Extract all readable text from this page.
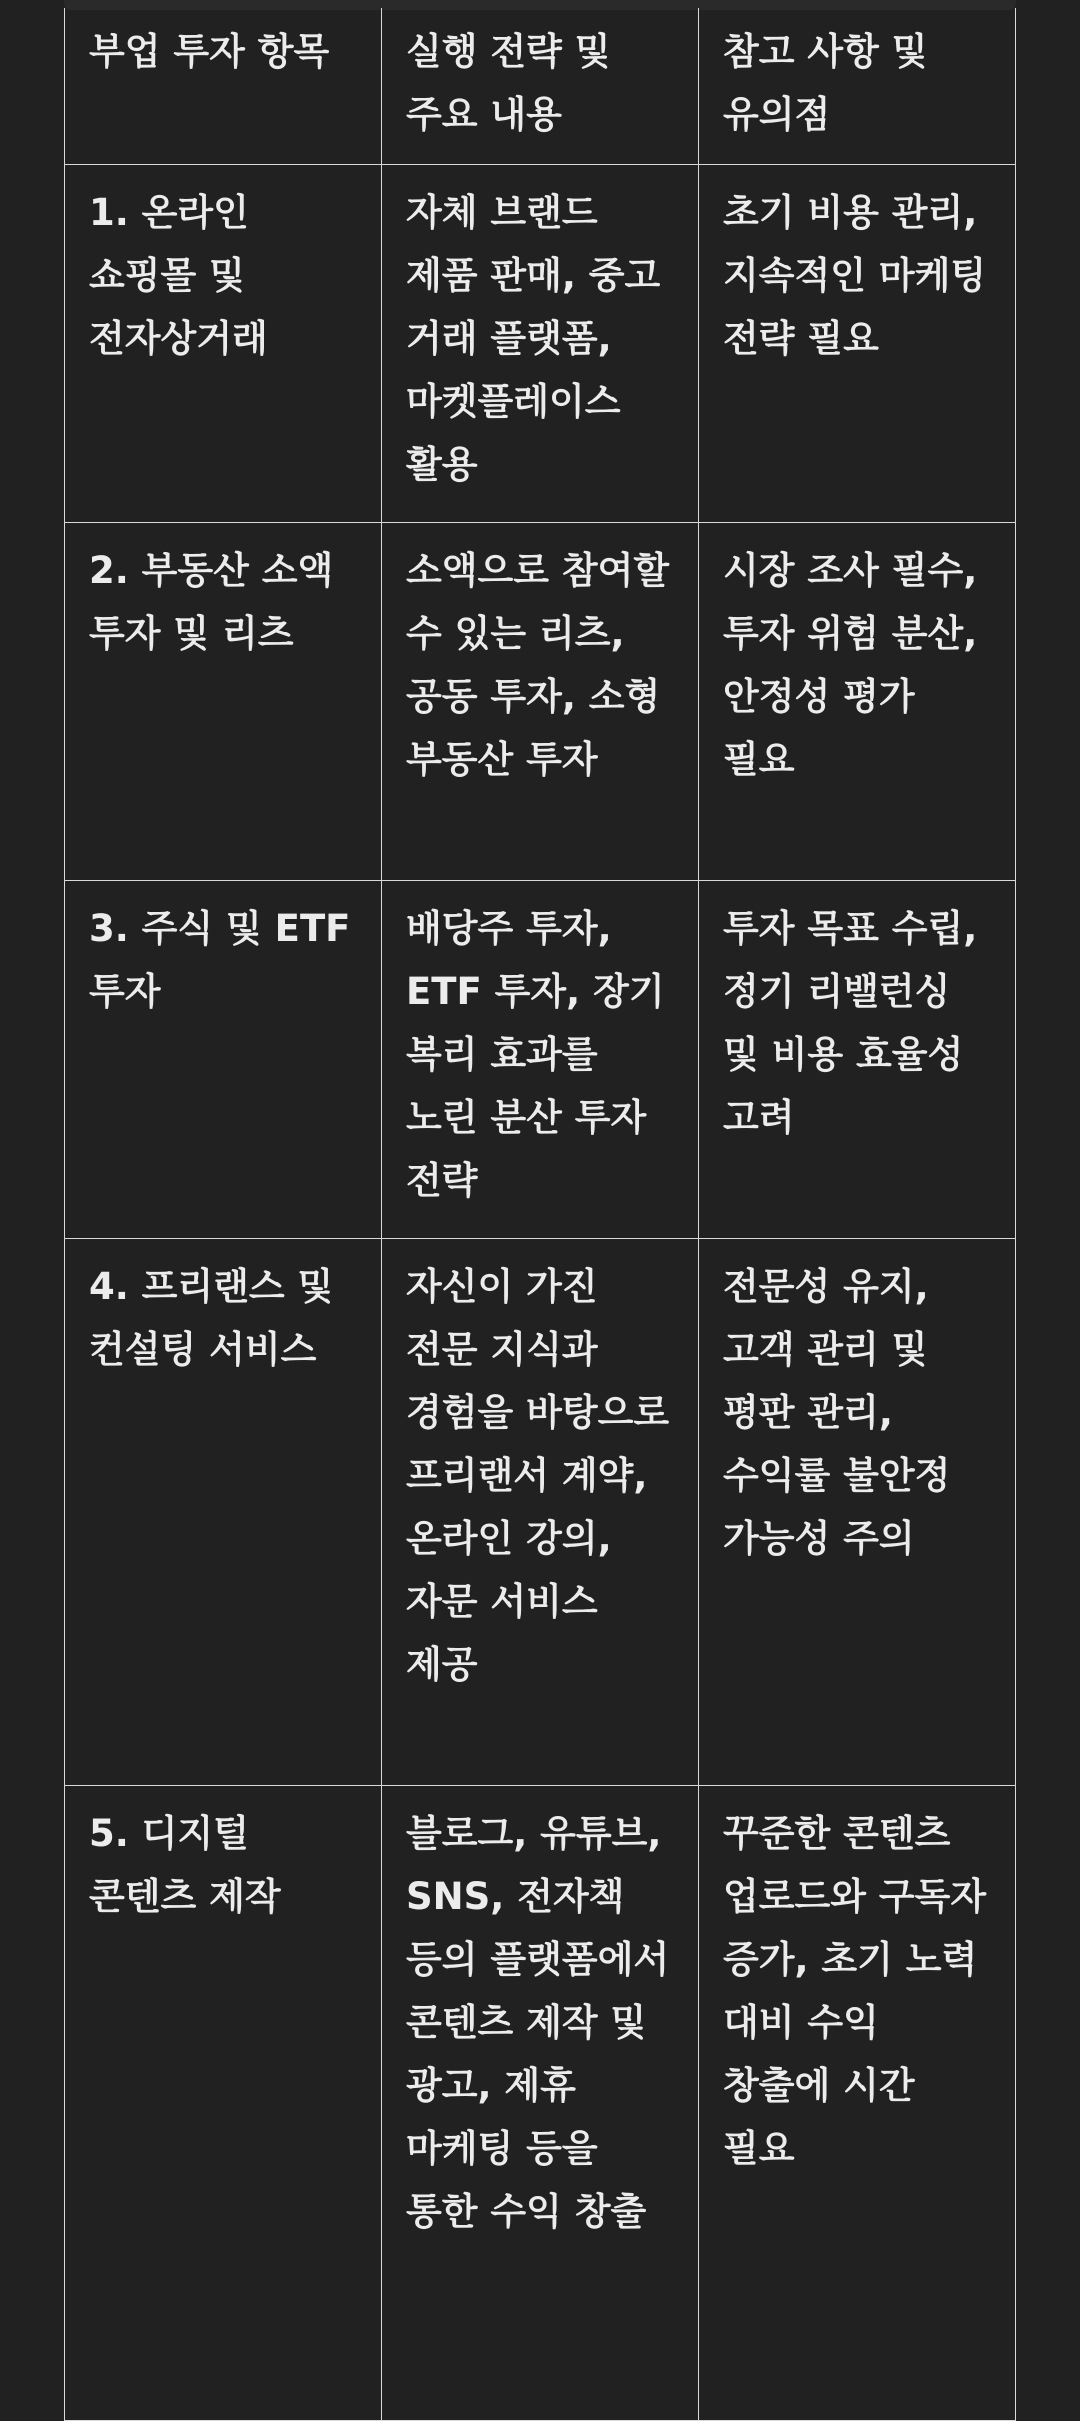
부업 투자 항목	실행 전략 및 주요 내용	참고 사항 및 유의점
1. 온라인 쇼핑몰 및 전자상거래	자체 브랜드 제품 판매, 중고 거래 플랫폼, 마켓플레이스 활용	초기 비용 관리, 지속적인 마케팅 전략 필요
2. 부동산 소액 투자 및 리츠	소액으로 참여할 수 있는 리츠, 공동 투자, 소형 부동산 투자	시장 조사 필수, 투자 위험 분산, 안정성 평가 필요
3. 주식 및 ETF 투자	배당주 투자, ETF 투자, 장기 복리 효과를 노린 분산 투자 전략	투자 목표 수립, 정기 리밸런싱 및 비용 효율성 고려
4. 프리랜스 및 컨설팅 서비스	자신이 가진 전문 지식과 경험을 바탕으로 프리랜서 계약, 온라인 강의, 자문 서비스 제공	전문성 유지, 고객 관리 및 평판 관리, 수익률 불안정 가능성 주의
5. 디지털 콘텐츠 제작	블로그, 유튜브, SNS, 전자책 등의 플랫폼에서 콘텐츠 제작 및 광고, 제휴 마케팅 등을 통한 수익 창출	꾸준한 콘텐츠 업로드와 구독자 증가, 초기 노력 대비 수익 창출에 시간 필요
